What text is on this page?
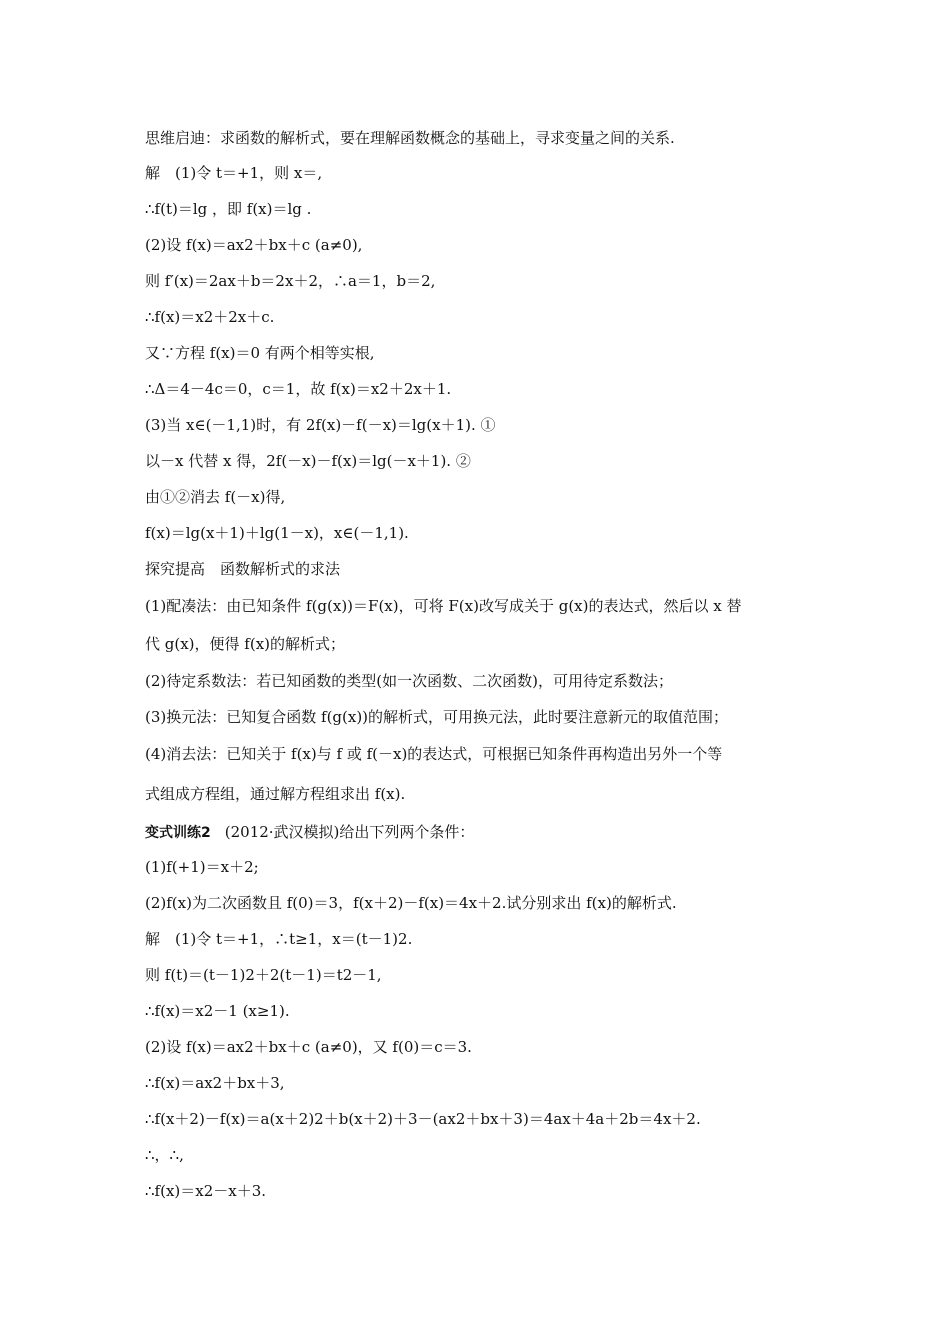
思维启迪：求函数的解析式，要在理解函数概念的基础上，寻求变量之间的关系.
解　(1)令 t＝+1，则 x＝,
∴f(t)＝lg ，即 f(x)＝lg .
(2)设 f(x)＝ax2＋bx＋c (a≠0),
则 f′(x)＝2ax＋b＝2x＋2，∴a＝1，b＝2,
∴f(x)＝x2＋2x＋c.
又∵方程 f(x)＝0 有两个相等实根,
∴Δ＝4－4c＝0，c＝1，故 f(x)＝x2＋2x＋1.
(3)当 x∈(－1,1)时，有 2f(x)－f(－x)＝lg(x＋1). ①
以－x 代替 x 得，2f(－x)－f(x)＝lg(－x＋1). ②
由①②消去 f(－x)得,
f(x)＝lg(x＋1)＋lg(1－x)，x∈(－1,1).
探究提高　函数解析式的求法
(1)配凑法：由已知条件 f(g(x))＝F(x)，可将 F(x)改写成关于 g(x)的表达式，然后以 x 替
代 g(x)，便得 f(x)的解析式；
(2)待定系数法：若已知函数的类型(如一次函数、二次函数)，可用待定系数法；
(3)换元法：已知复合函数 f(g(x))的解析式，可用换元法，此时要注意新元的取值范围；
(4)消去法：已知关于 f(x)与 f 或 f(－x)的表达式，可根据已知条件再构造出另外一个等
式组成方程组，通过解方程组求出 f(x).
变式训练2 (2012·武汉模拟)给出下列两个条件：
(1)f(+1)＝x＋2;
(2)f(x)为二次函数且 f(0)＝3，f(x＋2)－f(x)＝4x＋2.试分别求出 f(x)的解析式.
解　(1)令 t＝+1，∴t≥1，x＝(t－1)2.
则 f(t)＝(t－1)2＋2(t－1)＝t2－1,
∴f(x)＝x2－1 (x≥1).
(2)设 f(x)＝ax2＋bx＋c (a≠0)，又 f(0)＝c＝3.
∴f(x)＝ax2＋bx＋3,
∴f(x＋2)－f(x)＝a(x＋2)2＋b(x＋2)＋3－(ax2＋bx＋3)＝4ax＋4a＋2b＝4x＋2.
∴，∴,
∴f(x)＝x2－x＋3.
